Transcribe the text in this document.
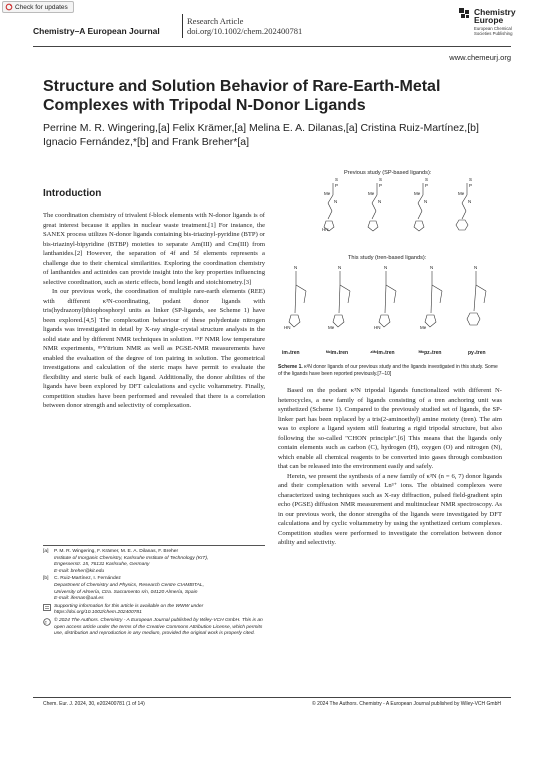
Check for updates
Chemistry–A European Journal
Research Article
doi.org/10.1002/chem.202400781
Chemistry
Europe
European Chemical
Societies Publishing
www.chemeurj.org
Structure and Solution Behavior of Rare-Earth-Metal Complexes with Tripodal N-Donor Ligands
Perrine M. R. Wingering,[a] Felix Krämer,[a] Melina E. A. Dilanas,[a] Cristina Ruiz-Martínez,[b] Ignacio Fernández,*[b] and Frank Breher*[a]
Introduction

The coordination chemistry of trivalent f-block elements with N-donor ligands is of great interest because it applies in nuclear waste treatment.[1] For instance, the SANEX process utilizes N-donor ligands containing bis-triazinyl-pyridine (BTP) or bis-triazinyl-bipyridine (BTBP) moieties to separate Am(III) and Cm(III) from lanthanides.[2] However, the separation of 4f and 5f elements represents a challenge due to their chemical similarities. Exploring the coordination chemistry of lanthanides and actinides can provide insight into the key properties influencing selective coordination, such as steric effects, bond length and stoichiometry.[3]

In our previous work, the coordination of multiple rare-earth elements (REE) with different κ³N-coordinating, podant donor ligands with tris(hydrazonyl)thiophosphoryl units as linker (SP-ligands, see Scheme 1) have been explored.[4,5] The complexation behaviour of these polydentate nitrogen ligands was investigated in detail by X-ray single-crystal structure analysis in the solid state and by different NMR techniques in solution. ¹⁹F NMR low temperature NMR experiments, ⁸⁹Yttrium NMR as well as PGSE-NMR measurements have enabled the evaluation of the degree of ion pairing in solution. The geometrical investigations and calculation of the steric maps have permit to evaluate the flexibility and steric bulk of each ligand. Additionally, the donor abilities of the ligands have been explored by DFT calculations and cyclic voltammetry. Finally, competition studies have been performed and revealed that there is a correlation between donor strength and selectivity of complexation.

Previous study (SP-based ligands):
S
P
Me
N
HN
S
P
Me
N
S
P
Me
N
S
P
Me
N
This study (tren-based ligands):
N	N	N	N	N
HN	Me	HN	Me
im₃tren	ᴹᵉim₃tren	⁴ᴹᵉim₃tren	³ᴹᵉpz₃tren	py₃tren
Scheme 1. κ³N donor ligands of our previous study and the ligands investigated in this study. Some of the ligands have been reported previously.[7–10]

Based on the podant κ³N tripodal ligands functionalized with different N-heterocycles, a new family of ligands consisting of a tren anchoring unit was synthetized (Scheme 1). Compared to the previously studied set of ligands, the SP-linker part has been replaced by a tris(2-aminoethyl) amine moiety (tren). The aim was to explore a ligand system still featuring a rigid tripodal structure, but also following the so-called "CHON principle".[6] This means that the ligands only contain elements such as carbon (C), hydrogen (H), oxygen (O) and nitrogen (N), which enable all chemical reagents to be converted into gases through combustion that can be released into the environment easily and safely.

Herein, we present the synthesis of a new family of κ³N (n = 6, 7) donor ligands and their complexation with several Ln³⁺ ions. The obtained complexes were characterized using techniques such as X-ray diffraction, pulsed field-gradient spin echo (PGSE) diffusion NMR measurement and multinuclear NMR spectroscopy. As in our previous work, the donor strengths of the ligands were investigated by DFT calculations and by cyclic voltammetry by using the synthetized cerium complexes. Competition studies were performed to investigate the correlation between donor ability and selectivity.

[a]	P. M. R. Wingering, F. Krämer, M. E. A. Dilanas, F. Breher
Institute of Inorganic Chemistry, Karlsruhe Institute of Technology (KIT),
Engesserstr. 15, 76131 Karlsruhe, Germany
E-mail: breher@kit.edu
[b]	C. Ruiz-Martínez, I. Fernández
Department of Chemistry and Physics, Research Centre CIAMBITAL,
University of Almería, Ctra. Sacramento s/n, 04120 Almería, Spain
E-mail: ifernan@ual.es
Supporting information for this article is available on the WWW under https://doi.org/10.1002/chem.202400781
c © 2024 The Authors. Chemistry - A European Journal published by Wiley-VCH GmbH. This is an open access article under the terms of the Creative Commons Attribution License, which permits use, distribution and reproduction in any medium, provided the original work is properly cited.
Chem. Eur. J. 2024, 30, e202400781 (1 of 14)	© 2024 The Authors. Chemistry - A European Journal published by Wiley-VCH GmbH
